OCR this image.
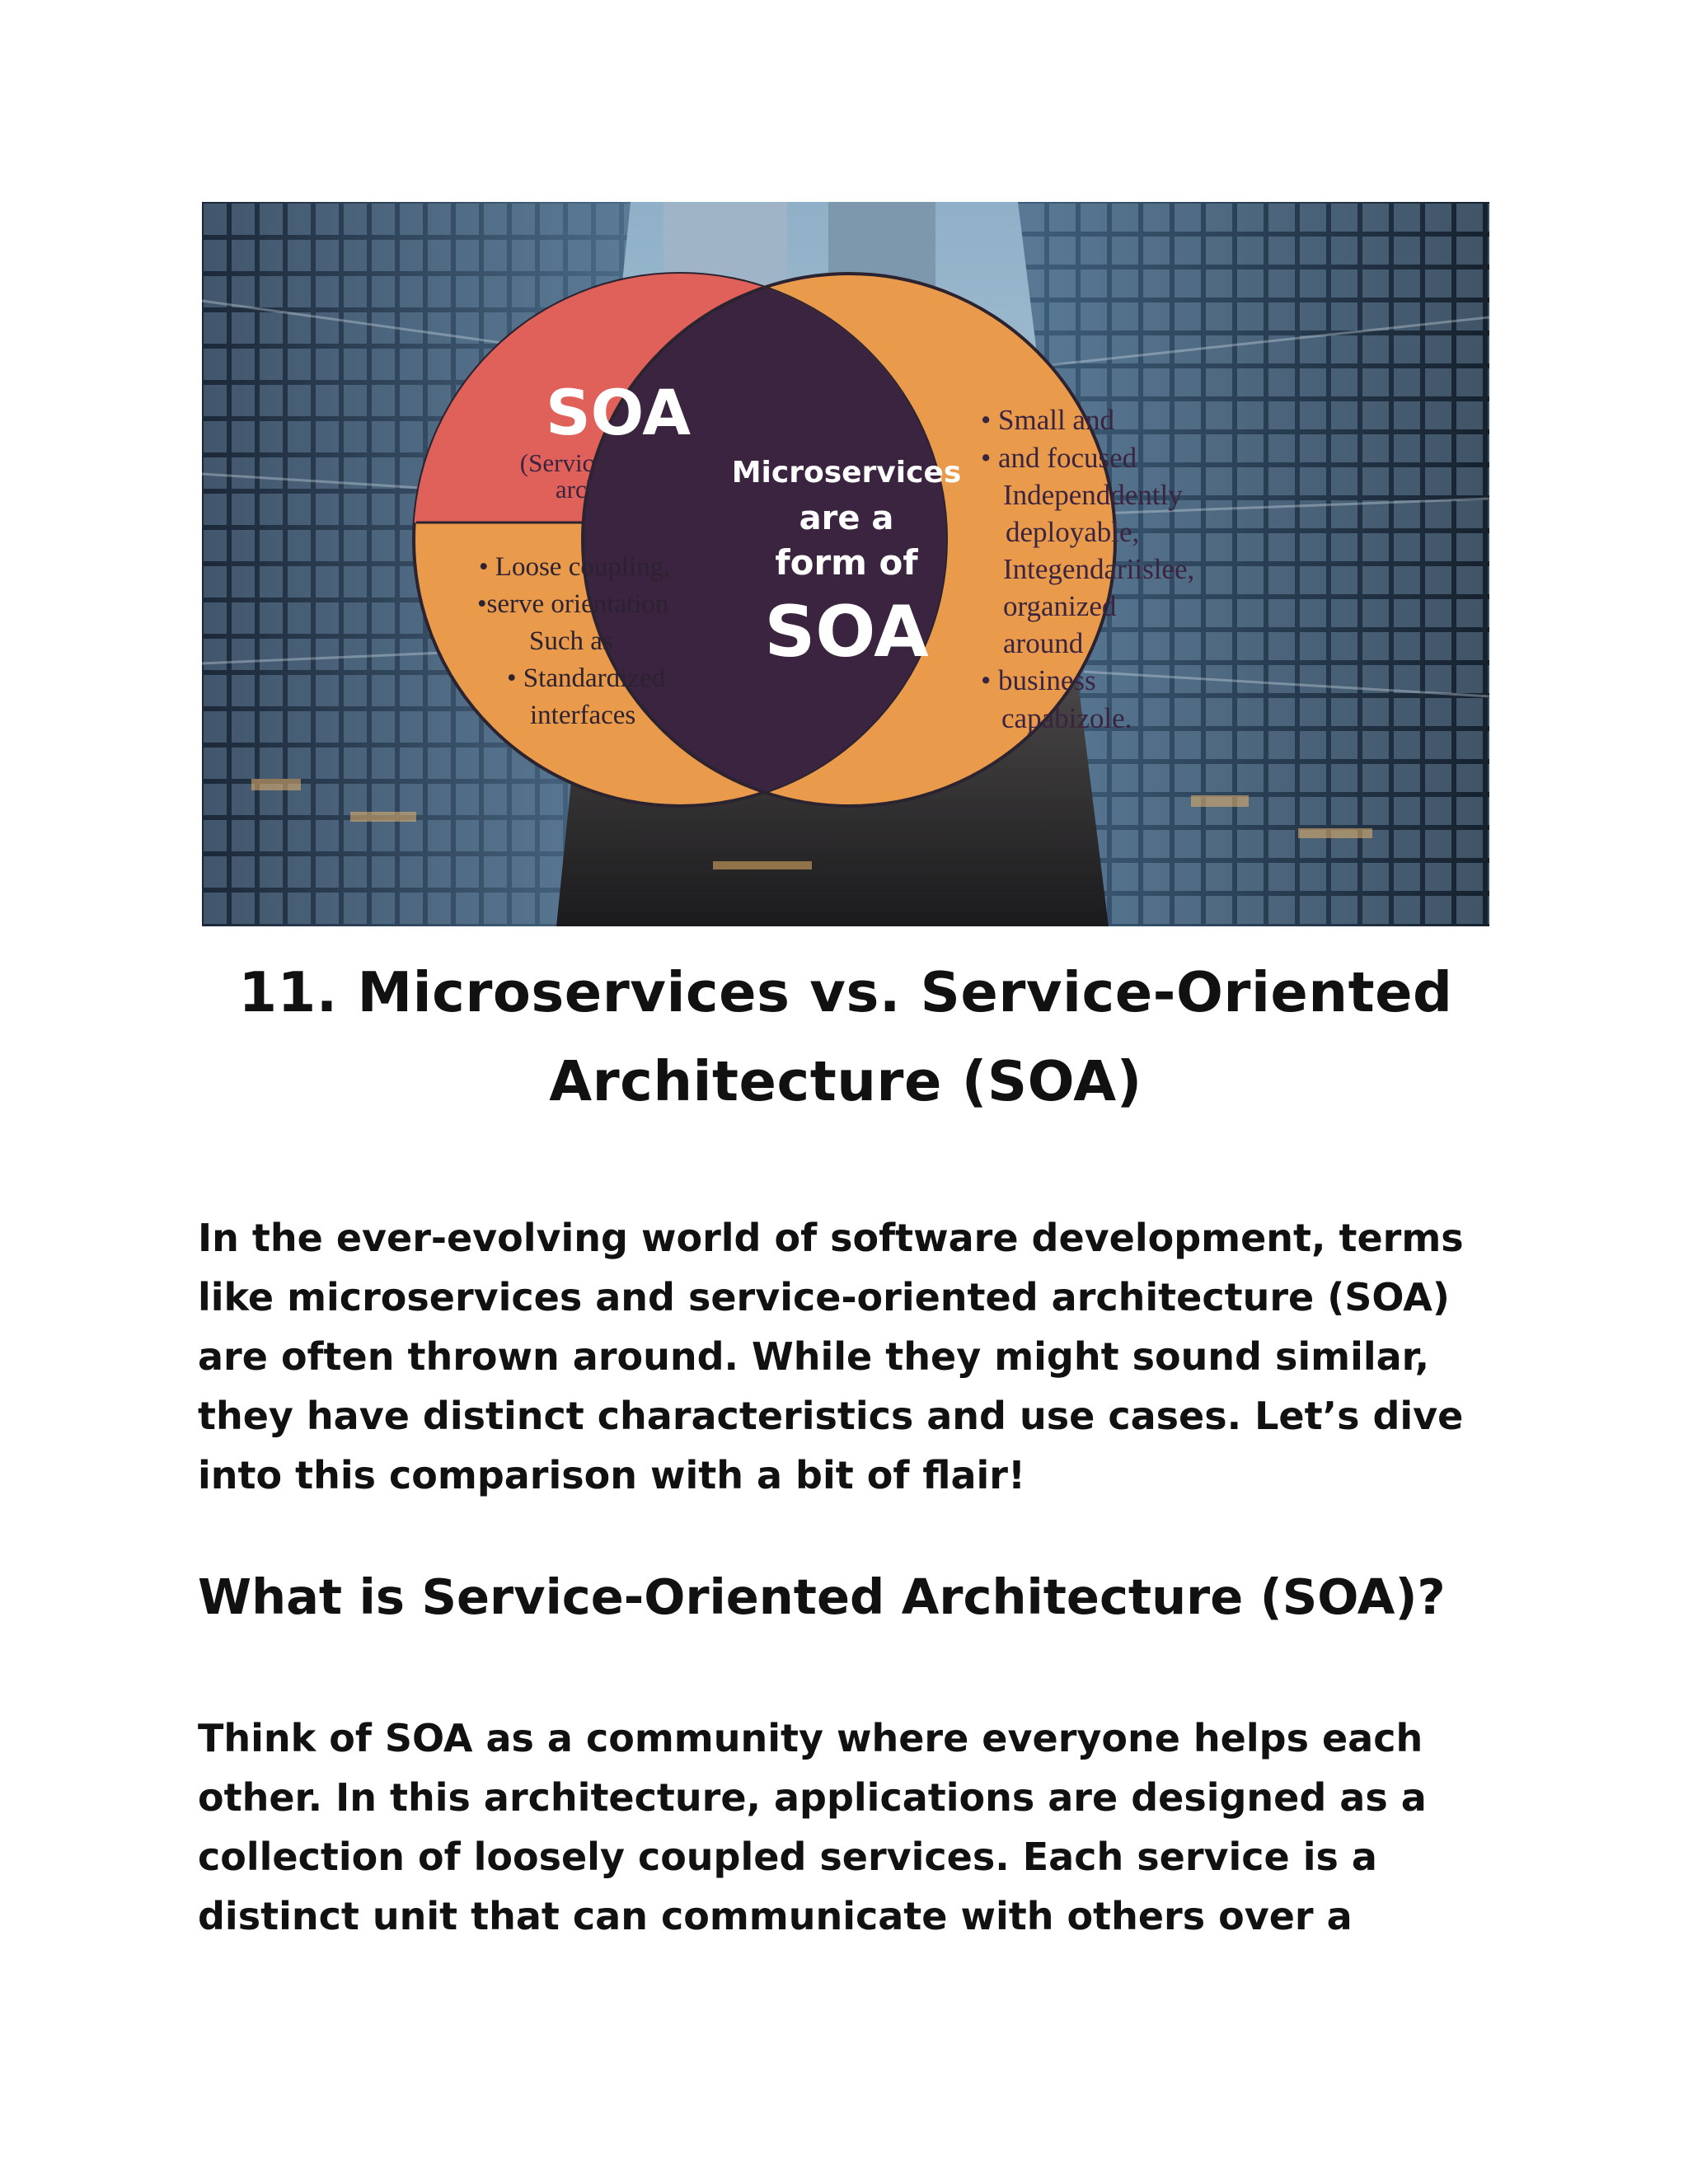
SOA
(Service-Oriented)
architecture
• Loose coupling,
•serve orientation
Such as
• Standardized
interfaces
Microservices
are a
form of
SOA
• Small and
• and focused
Independdently
deployable,
Integendariislee,
organized
around
• business
capabizole.
11. Microservices vs. Service-Oriented
Architecture (SOA)

In the ever-evolving world of software development, terms
like microservices and service-oriented architecture (SOA)
are often thrown around. While they might sound similar,
they have distinct characteristics and use cases. Let’s dive
into this comparison with a bit of flair!

What is Service-Oriented Architecture (SOA)?

Think of SOA as a community where everyone helps each
other. In this architecture, applications are designed as a
collection of loosely coupled services. Each service is a
distinct unit that can communicate with others over a
